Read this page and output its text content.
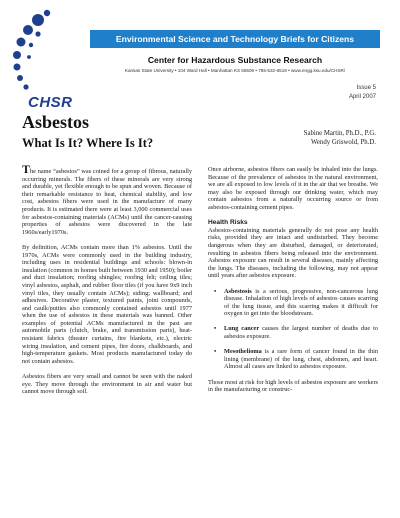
CHSR
Environmental Science and Technology Briefs for Citizens
Center for Hazardous Substance Research
Kansas State University • 104 Ward Hall • Manhattan KS 66506 • 785-532-6519 • www.engg.ksu.edu/CHSR/
Issue 5
April 2007
Asbestos
What Is It? Where Is It?
Sabine Martin, Ph.D., P.G.
Wendy Griswold, Ph.D.

The name “asbestos” was coined for a group of fibrous, naturally occurring minerals. The fibers of these minerals are very strong and durable, yet flexible enough to be spun and woven. Because of their remarkable resistance to heat, chemical stability, and low cost, asbestos fibers were used in the manufacture of many products. It is estimated there were at least 3,000 commercial uses for asbestos-containing materials (ACMs) until the cancer-causing properties of asbestos were discovered in the late 1960s/early1970s.

By definition, ACMs contain more than 1% asbestos. Until the 1970s, ACMs were commonly used in the building industry, including uses in residential buildings and schools: blown-in insulation (common in homes built between 1930 and 1950); boiler and duct insulation; roofing shingles; roofing felt; ceiling tiles; vinyl asbestos, asphalt, and rubber floor tiles (if you have 9x9 inch vinyl tiles, they usually contain ACMs); siding; wallboard; and adhesives. Decorative plaster, textured paints, joint compounds, and caulk/putties also commonly contained asbestos until 1977 when the use of asbestos in these materials was banned. Other examples of potential ACMs manufactured in the past are automobile parts (clutch, brake, and transmission parts), heat-resistant fabrics (theater curtains, fire blankets, etc.), electric wiring insulation, and cement pipes, fire doors, chalkboards, and high-temperature gaskets. Most products manufactured today do not contain asbestos.

Asbestos fibers are very small and cannot be seen with the naked eye. They move through the environment in air and water but cannot move through soil.

Once airborne, asbestos fibers can easily be inhaled into the lungs. Because of the prevalence of asbestos in the natural environment, we are all exposed to low levels of it in the air that we breathe. We may also be exposed through our drinking water, which may contain asbestos from a naturally occurring source or from asbestos-containing cement pipes.

Health Risks

Asbestos-containing materials generally do not pose any health risks, provided they are intact and undisturbed. They become dangerous when they are disturbed, damaged, or deteriorated, resulting in asbestos fibers being released into the environment. Asbestos exposure can result in several diseases, mainly affecting the lungs. The diseases, including the following, may not appear until years after asbestos exposure.

• Asbestosis is a serious, progressive, non-cancerous lung disease. Inhalation of high levels of asbestos causes scarring of the lung tissue, and this scarring makes it difficult for oxygen to get into the bloodstream.
• Lung cancer causes the largest number of deaths due to asbestos exposure.
• Mesothelioma is a rare form of cancer found in the thin lining (membrane) of the lung, chest, abdomen, and heart. Almost all cases are linked to asbestos exposure.

Those most at risk for high levels of asbestos exposure are workers in the manufacturing or construc-
